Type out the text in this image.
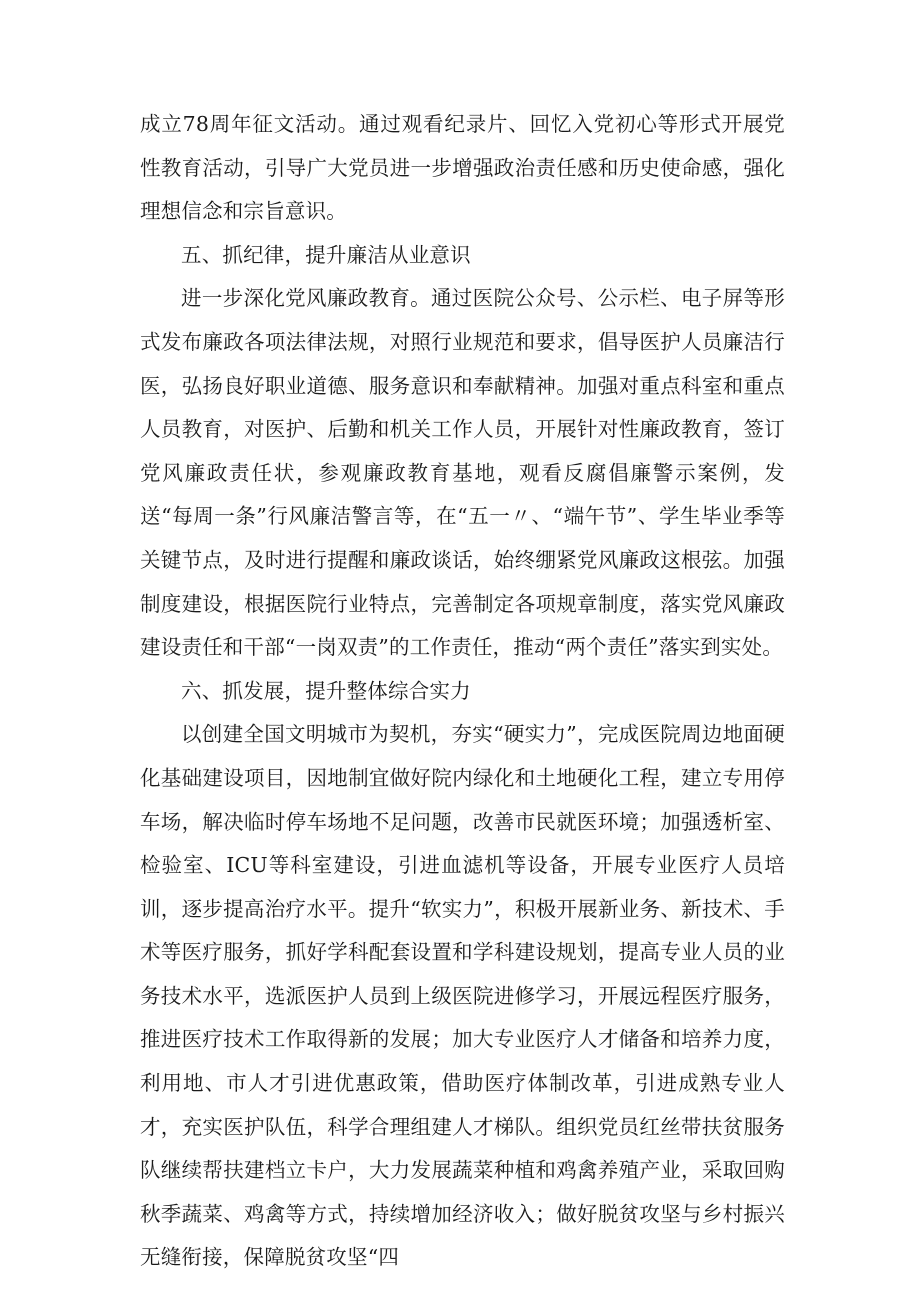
成立78周年征文活动。通过观看纪录片、回忆入党初心等形式开展党性教育活动，引导广大党员进一步增强政治责任感和历史使命感，强化理想信念和宗旨意识。

五、抓纪律，提升廉洁从业意识

进一步深化党风廉政教育。通过医院公众号、公示栏、电子屏等形式发布廉政各项法律法规，对照行业规范和要求，倡导医护人员廉洁行医，弘扬良好职业道德、服务意识和奉献精神。加强对重点科室和重点人员教育，对医护、后勤和机关工作人员，开展针对性廉政教育，签订党风廉政责任状，参观廉政教育基地，观看反腐倡廉警示案例，发送“每周一条”行风廉洁警言等，在“五一〃、“端午节”、学生毕业季等关键节点，及时进行提醒和廉政谈话，始终绷紧党风廉政这根弦。加强制度建设，根据医院行业特点，完善制定各项规章制度，落实党风廉政建设责任和干部“一岗双责”的工作责任，推动“两个责任”落实到实处。

六、抓发展，提升整体综合实力

以创建全国文明城市为契机，夯实“硬实力”，完成医院周边地面硬化基础建设项目，因地制宜做好院内绿化和土地硬化工程，建立专用停车场，解决临时停车场地不足问题，改善市民就医环境；加强透析室、检验室、ICU等科室建设，引进血滤机等设备，开展专业医疗人员培训，逐步提高治疗水平。提升“软实力”，积极开展新业务、新技术、手术等医疗服务，抓好学科配套设置和学科建设规划，提高专业人员的业务技术水平，选派医护人员到上级医院进修学习，开展远程医疗服务，推进医疗技术工作取得新的发展；加大专业医疗人才储备和培养力度，利用地、市人才引进优惠政策，借助医疗体制改革，引进成熟专业人才，充实医护队伍，科学合理组建人才梯队。组织党员红丝带扶贫服务队继续帮扶建档立卡户，大力发展蔬菜种植和鸡禽养殖产业，采取回购秋季蔬菜、鸡禽等方式，持续增加经济收入；做好脱贫攻坚与乡村振兴无缝衔接，保障脱贫攻坚“四
